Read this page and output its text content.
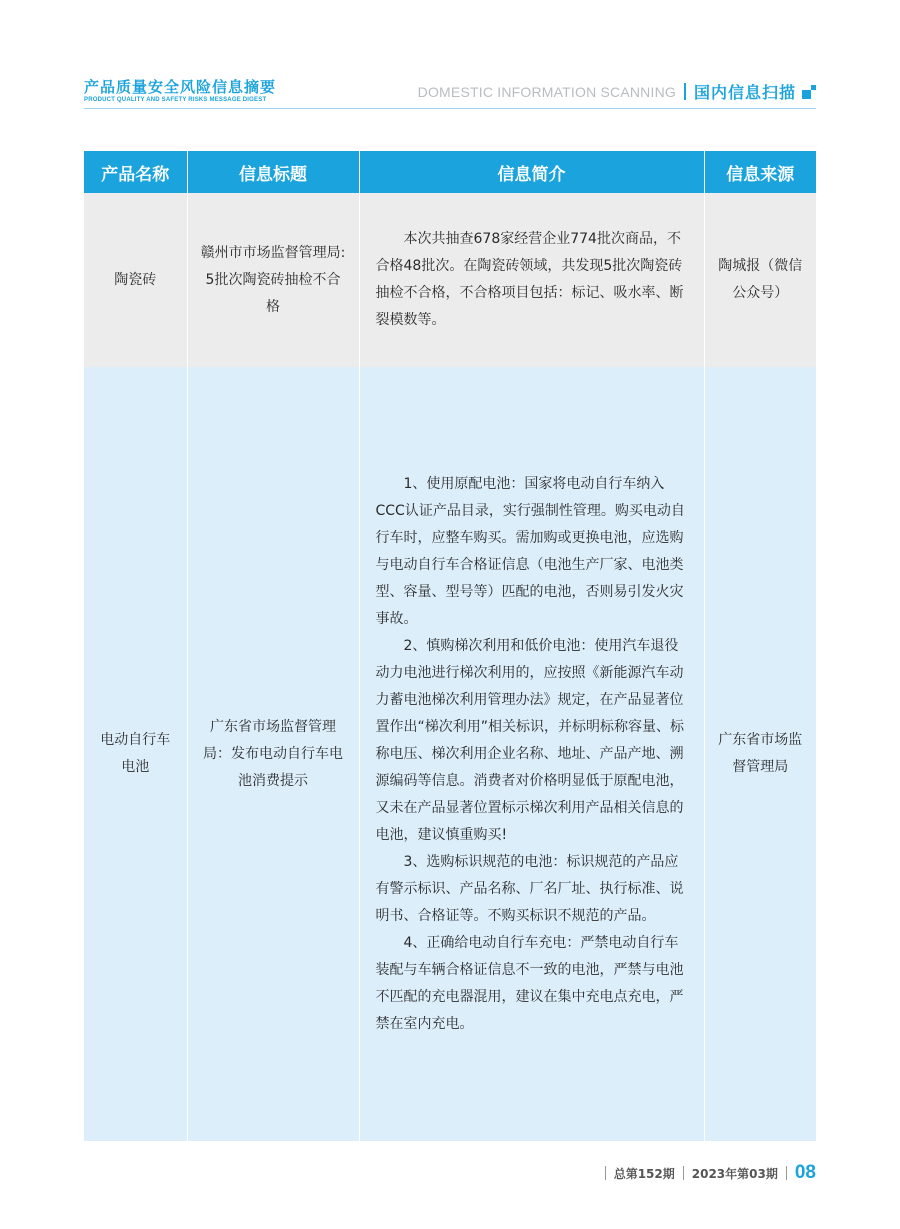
产品质量安全风险信息摘要
PRODUCT QUALITY AND SAFETY RISKS MESSAGE DIGEST
DOMESTIC INFORMATION SCANNING 国内信息扫描
产品名称	信息标题	信息简介	信息来源
陶瓷砖	赣州市市场监督管理局: 5批次陶瓷砖抽检不合格	本次共抽查678家经营企业774批次商品，不合格48批次。在陶瓷砖领域，共发现5批次陶瓷砖抽检不合格，不合格项目包括：标记、吸水率、断裂模数等。	陶城报（微信公众号）
电动自行车电池	广东省市场监督管理局：发布电动自行车电池消费提示	1、使用原配电池：国家将电动自行车纳入CCC认证产品目录，实行强制性管理。购买电动自行车时，应整车购买。需加购或更换电池，应选购与电动自行车合格证信息（电池生产厂家、电池类型、容量、型号等）匹配的电池，否则易引发火灾事故。

2、慎购梯次利用和低价电池：使用汽车退役动力电池进行梯次利用的，应按照《新能源汽车动力蓄电池梯次利用管理办法》规定，在产品显著位置作出“梯次利用”相关标识，并标明标称容量、标称电压、梯次利用企业名称、地址、产品产地、溯源编码等信息。消费者对价格明显低于原配电池，又未在产品显著位置标示梯次利用产品相关信息的电池，建议慎重购买!

3、选购标识规范的电池：标识规范的产品应有警示标识、产品名称、厂名厂址、执行标准、说明书、合格证等。不购买标识不规范的产品。

4、正确给电动自行车充电：严禁电动自行车装配与车辆合格证信息不一致的电池，严禁与电池不匹配的充电器混用，建议在集中充电点充电，严禁在室内充电。	广东省市场监督管理局
总第152期 2023年第03期 08
